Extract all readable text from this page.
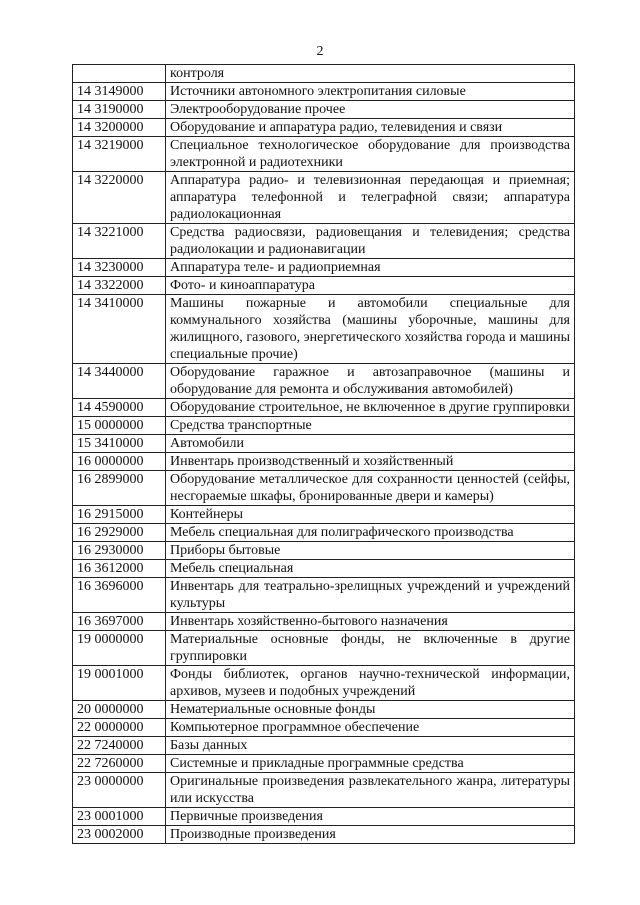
2
	контроля
14 3149000	Источники автономного электропитания силовые
14 3190000	Электрооборудование прочее
14 3200000	Оборудование и аппаратура радио, телевидения и связи
14 3219000	Специальное технологическое оборудование для производства электронной и радиотехники
14 3220000	Аппаратура радио- и телевизионная передающая и приемная; аппаратура телефонной и телеграфной связи; аппаратура радиолокационная
14 3221000	Средства радиосвязи, радиовещания и телевидения; средства радиолокации и радионавигации
14 3230000	Аппаратура теле- и радиоприемная
14 3322000	Фото- и киноаппаратура
14 3410000	Машины пожарные и автомобили специальные для коммунального хозяйства (машины уборочные, машины для жилищного, газового, энергетического хозяйства города и машины специальные прочие)
14 3440000	Оборудование гаражное и автозаправочное (машины и оборудование для ремонта и обслуживания автомобилей)
14 4590000	Оборудование строительное, не включенное в другие группировки
15 0000000	Средства транспортные
15 3410000	Автомобили
16 0000000	Инвентарь производственный и хозяйственный
16 2899000	Оборудование металлическое для сохранности ценностей (сейфы, несгораемые шкафы, бронированные двери и камеры)
16 2915000	Контейнеры
16 2929000	Мебель специальная для полиграфического производства
16 2930000	Приборы бытовые
16 3612000	Мебель специальная
16 3696000	Инвентарь для театрально-зрелищных учреждений и учреждений культуры
16 3697000	Инвентарь хозяйственно-бытового назначения
19 0000000	Материальные основные фонды, не включенные в другие группировки
19 0001000	Фонды библиотек, органов научно-технической информации, архивов, музеев и подобных учреждений
20 0000000	Нематериальные основные фонды
22 0000000	Компьютерное программное обеспечение
22 7240000	Базы данных
22 7260000	Системные и прикладные программные средства
23 0000000	Оригинальные произведения развлекательного жанра, литературы или искусства
23 0001000	Первичные произведения
23 0002000	Производные произведения
